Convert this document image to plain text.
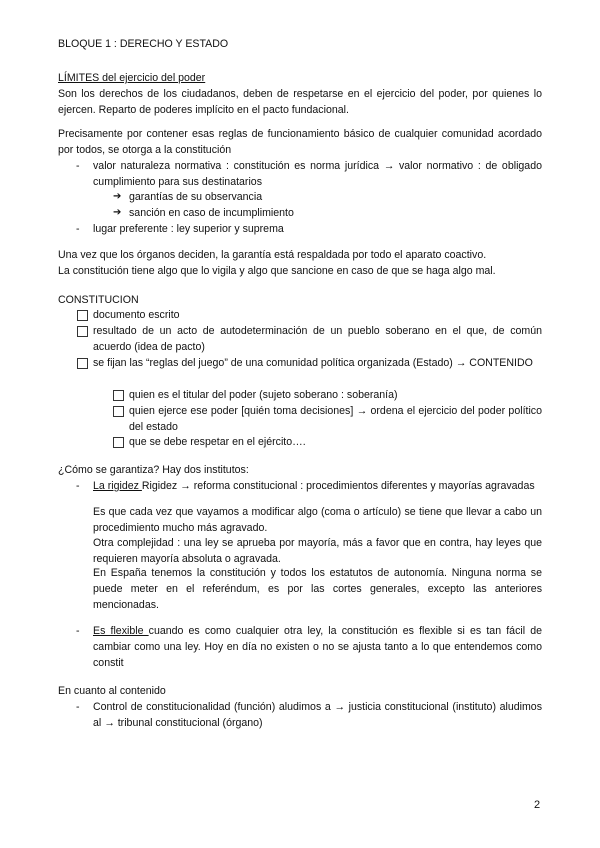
BLOQUE 1 : DERECHO Y ESTADO
LÍMITES del ejercicio del poder
Son los derechos de los ciudadanos, deben de respetarse en el ejercicio del poder, por quienes lo ejercen. Reparto de poderes implícito en el pacto fundacional.
Precisamente por contener esas reglas de funcionamiento básico de cualquier comunidad acordado por todos, se otorga a la constitución
-	valor naturaleza normativa : constitución es norma jurídica → valor normativo : de obligado cumplimiento para sus destinatarios
➔ garantías de su observancia
➔ sanción en caso de incumplimiento
-	lugar preferente : ley superior y suprema
Una vez que los órganos deciden, la garantía está respaldada por todo el aparato coactivo.
La constitución tiene algo que lo vigila y algo que sancione en caso de que se haga algo mal.
CONSTITUCION
documento escrito
resultado de un acto de autodeterminación de un pueblo soberano en el que, de común acuerdo (idea de pacto)
se fijan las “reglas del juego” de una comunidad política organizada (Estado) → CONTENIDO
quien es el titular del poder (sujeto soberano : soberanía)
quien ejerce ese poder [quién toma decisiones] → ordena el ejercicio del poder político del estado
que se debe respetar en el ejército….
¿Cómo se garantiza? Hay dos institutos:
-	La rigidez Rigidez → reforma constitucional : procedimientos diferentes y mayorías agravadas
Es que cada vez que vayamos a modificar algo (coma o artículo) se tiene que llevar a cabo un procedimiento mucho más agravado.
Otra complejidad : una ley se aprueba por mayoría, más a favor que en contra, hay leyes que requieren mayoría absoluta o agravada.
En España tenemos la constitución y todos los estatutos de autonomía. Ninguna norma se puede meter en el referéndum, es por las cortes generales, excepto las anteriores mencionadas.
-	Es flexible cuando es como cualquier otra ley, la constitución es flexible si es tan fácil de cambiar como una ley. Hoy en día no existen o no se ajusta tanto a lo que entendemos como constit
En cuanto al contenido
-	Control de constitucionalidad (función) aludimos a → justicia constitucional (instituto) aludimos al → tribunal constitucional (órgano)
2
